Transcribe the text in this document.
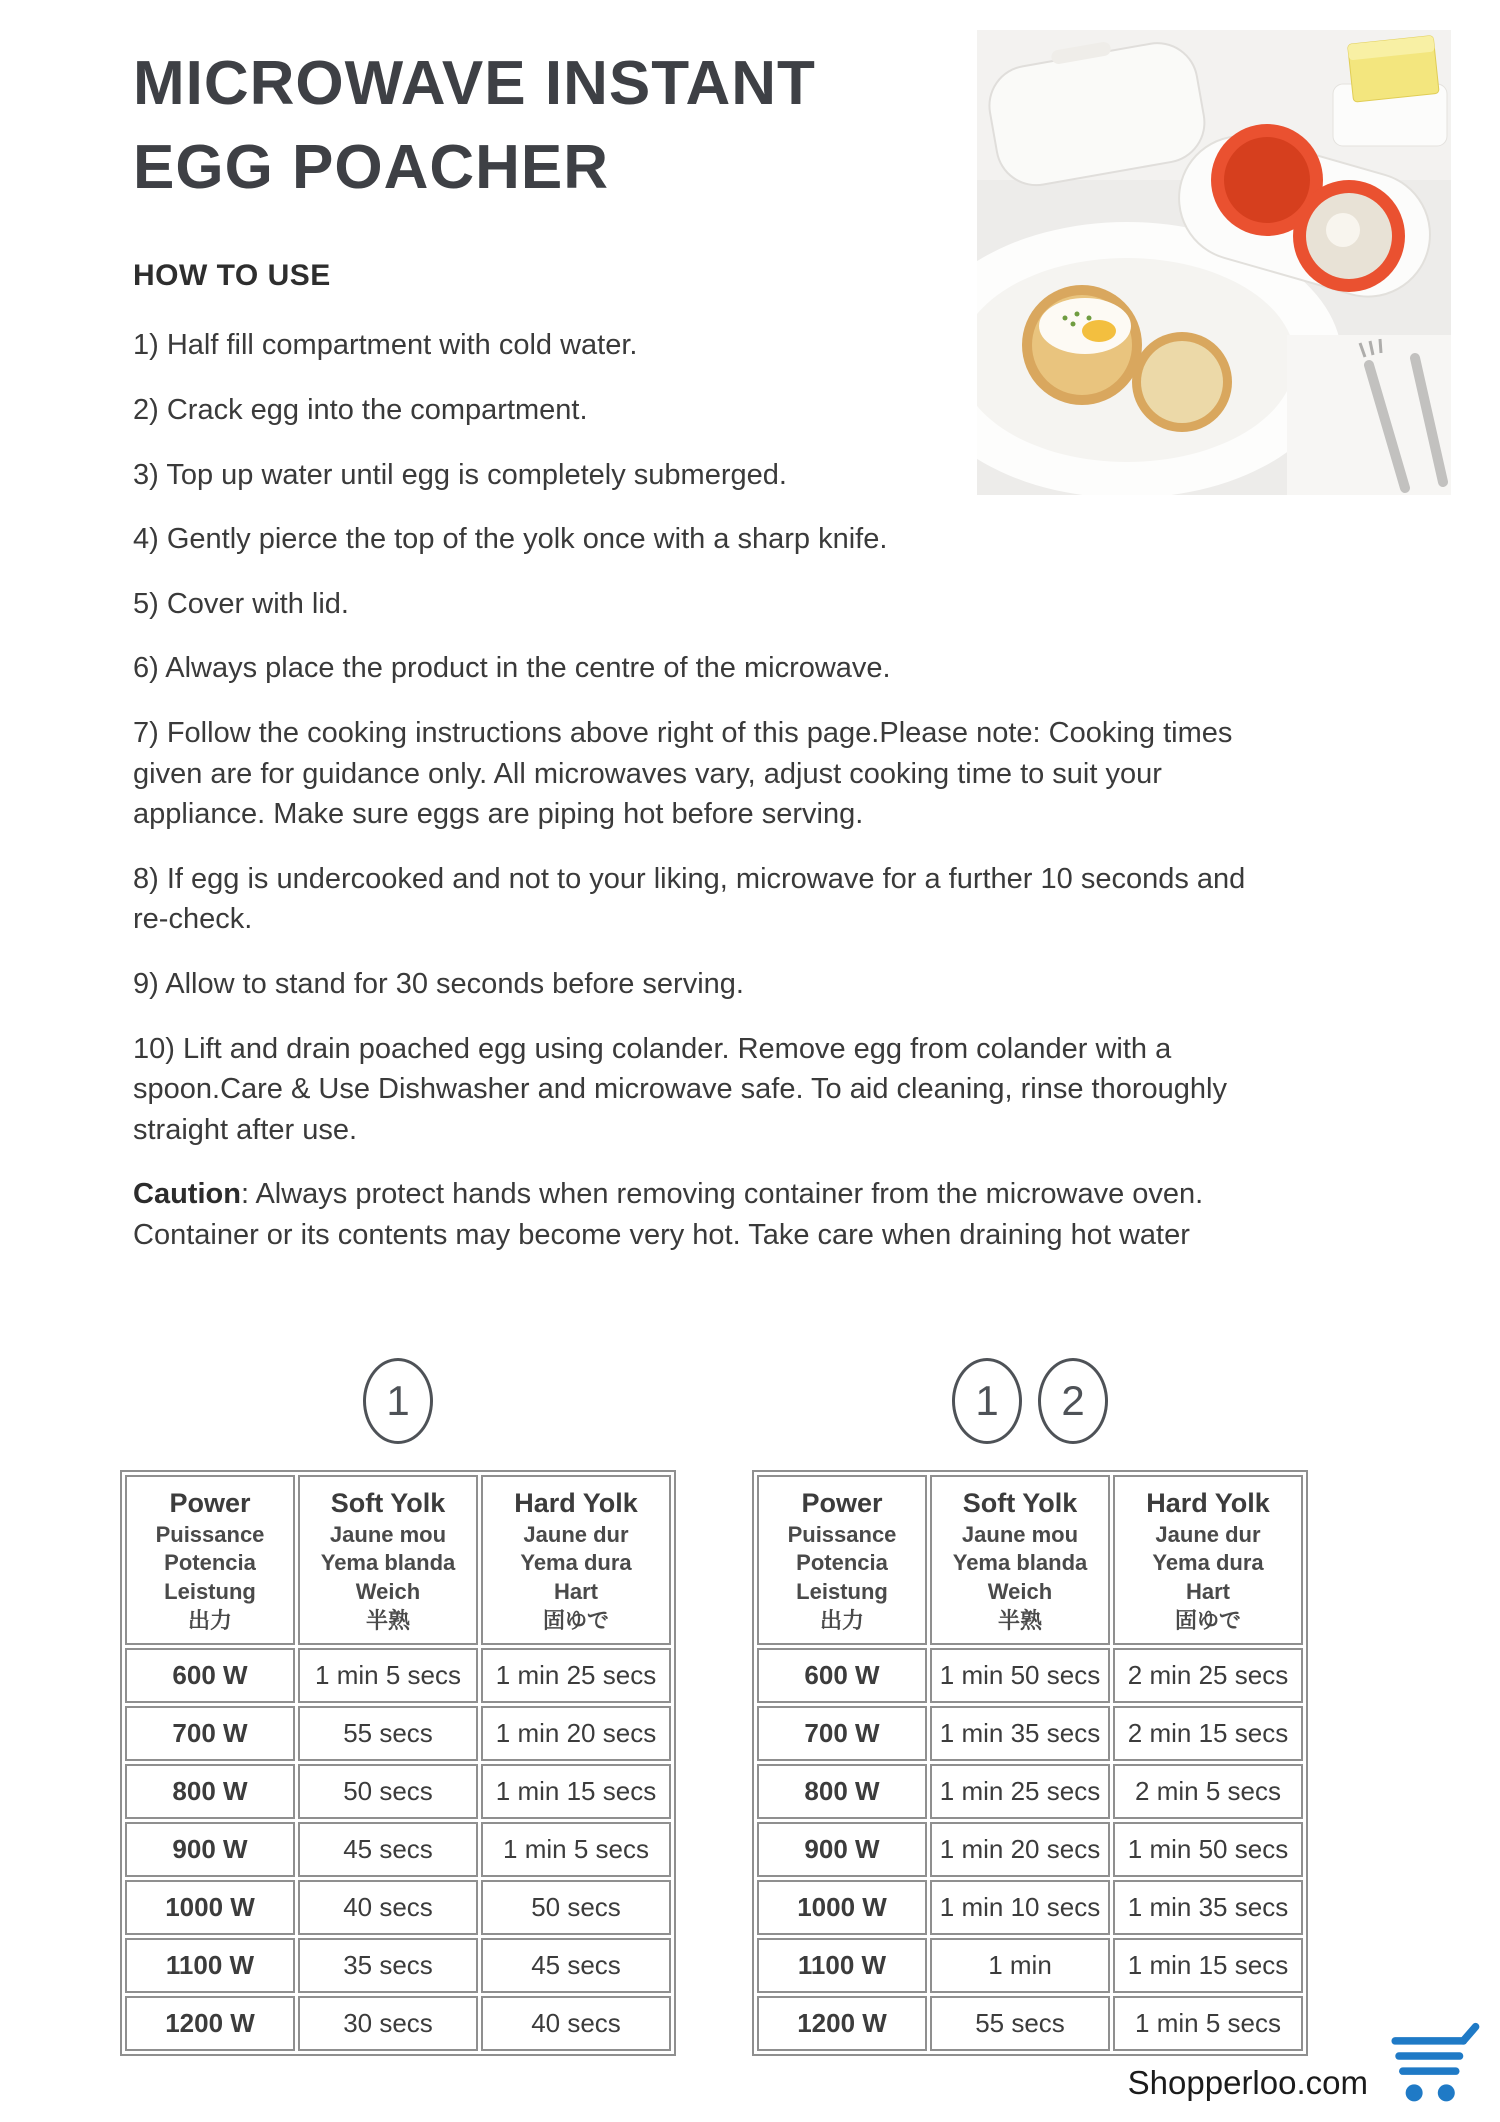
MICROWAVE INSTANT
EGG POACHER
HOW TO USE

1) Half fill compartment with cold water.

2) Crack egg into the compartment.

3) Top up water until egg is completely submerged.

4) Gently pierce the top of the yolk once with a sharp knife.

5) Cover with lid.

6) Always place the product in the centre of the microwave.

7) Follow the cooking instructions above right of this page.Please note: Cooking times given are for guidance only. All microwaves vary, adjust cooking time to suit your appliance. Make sure eggs are piping hot before serving.

8) If egg is undercooked and not to your liking, microwave for a further 10 seconds and re-check.

9) Allow to stand for 30 seconds before serving.

10) Lift and drain poached egg using colander. Remove egg from colander with a spoon.Care & Use Dishwasher and microwave safe. To aid cleaning, rinse thoroughly straight after use.

Caution: Always protect hands when removing container from the microwave oven. Container or its contents may become very hot. Take care when draining hot water

1
Power
Puissance
Potencia
Leistung
出力

Soft Yolk
Jaune mou
Yema blanda
Weich
半熟

Hard Yolk
Jaune dur
Yema dura
Hart
固ゆで

600 W	1 min 5 secs	1 min 25 secs
700 W	55 secs	1 min 20 secs
800 W	50 secs	1 min 15 secs
900 W	45 secs	1 min 5 secs
1000 W	40 secs	50 secs
1100 W	35 secs	45 secs
1200 W	30 secs	40 secs
1	2
Power
Puissance
Potencia
Leistung
出力

Soft Yolk
Jaune mou
Yema blanda
Weich
半熟

Hard Yolk
Jaune dur
Yema dura
Hart
固ゆで

600 W	1 min 50 secs	2 min 25 secs
700 W	1 min 35 secs	2 min 15 secs
800 W	1 min 25 secs	2 min 5 secs
900 W	1 min 20 secs	1 min 50 secs
1000 W	1 min 10 secs	1 min 35 secs
1100 W	1 min	1 min 15 secs
1200 W	55 secs	1 min 5 secs
Shopperloo.com
